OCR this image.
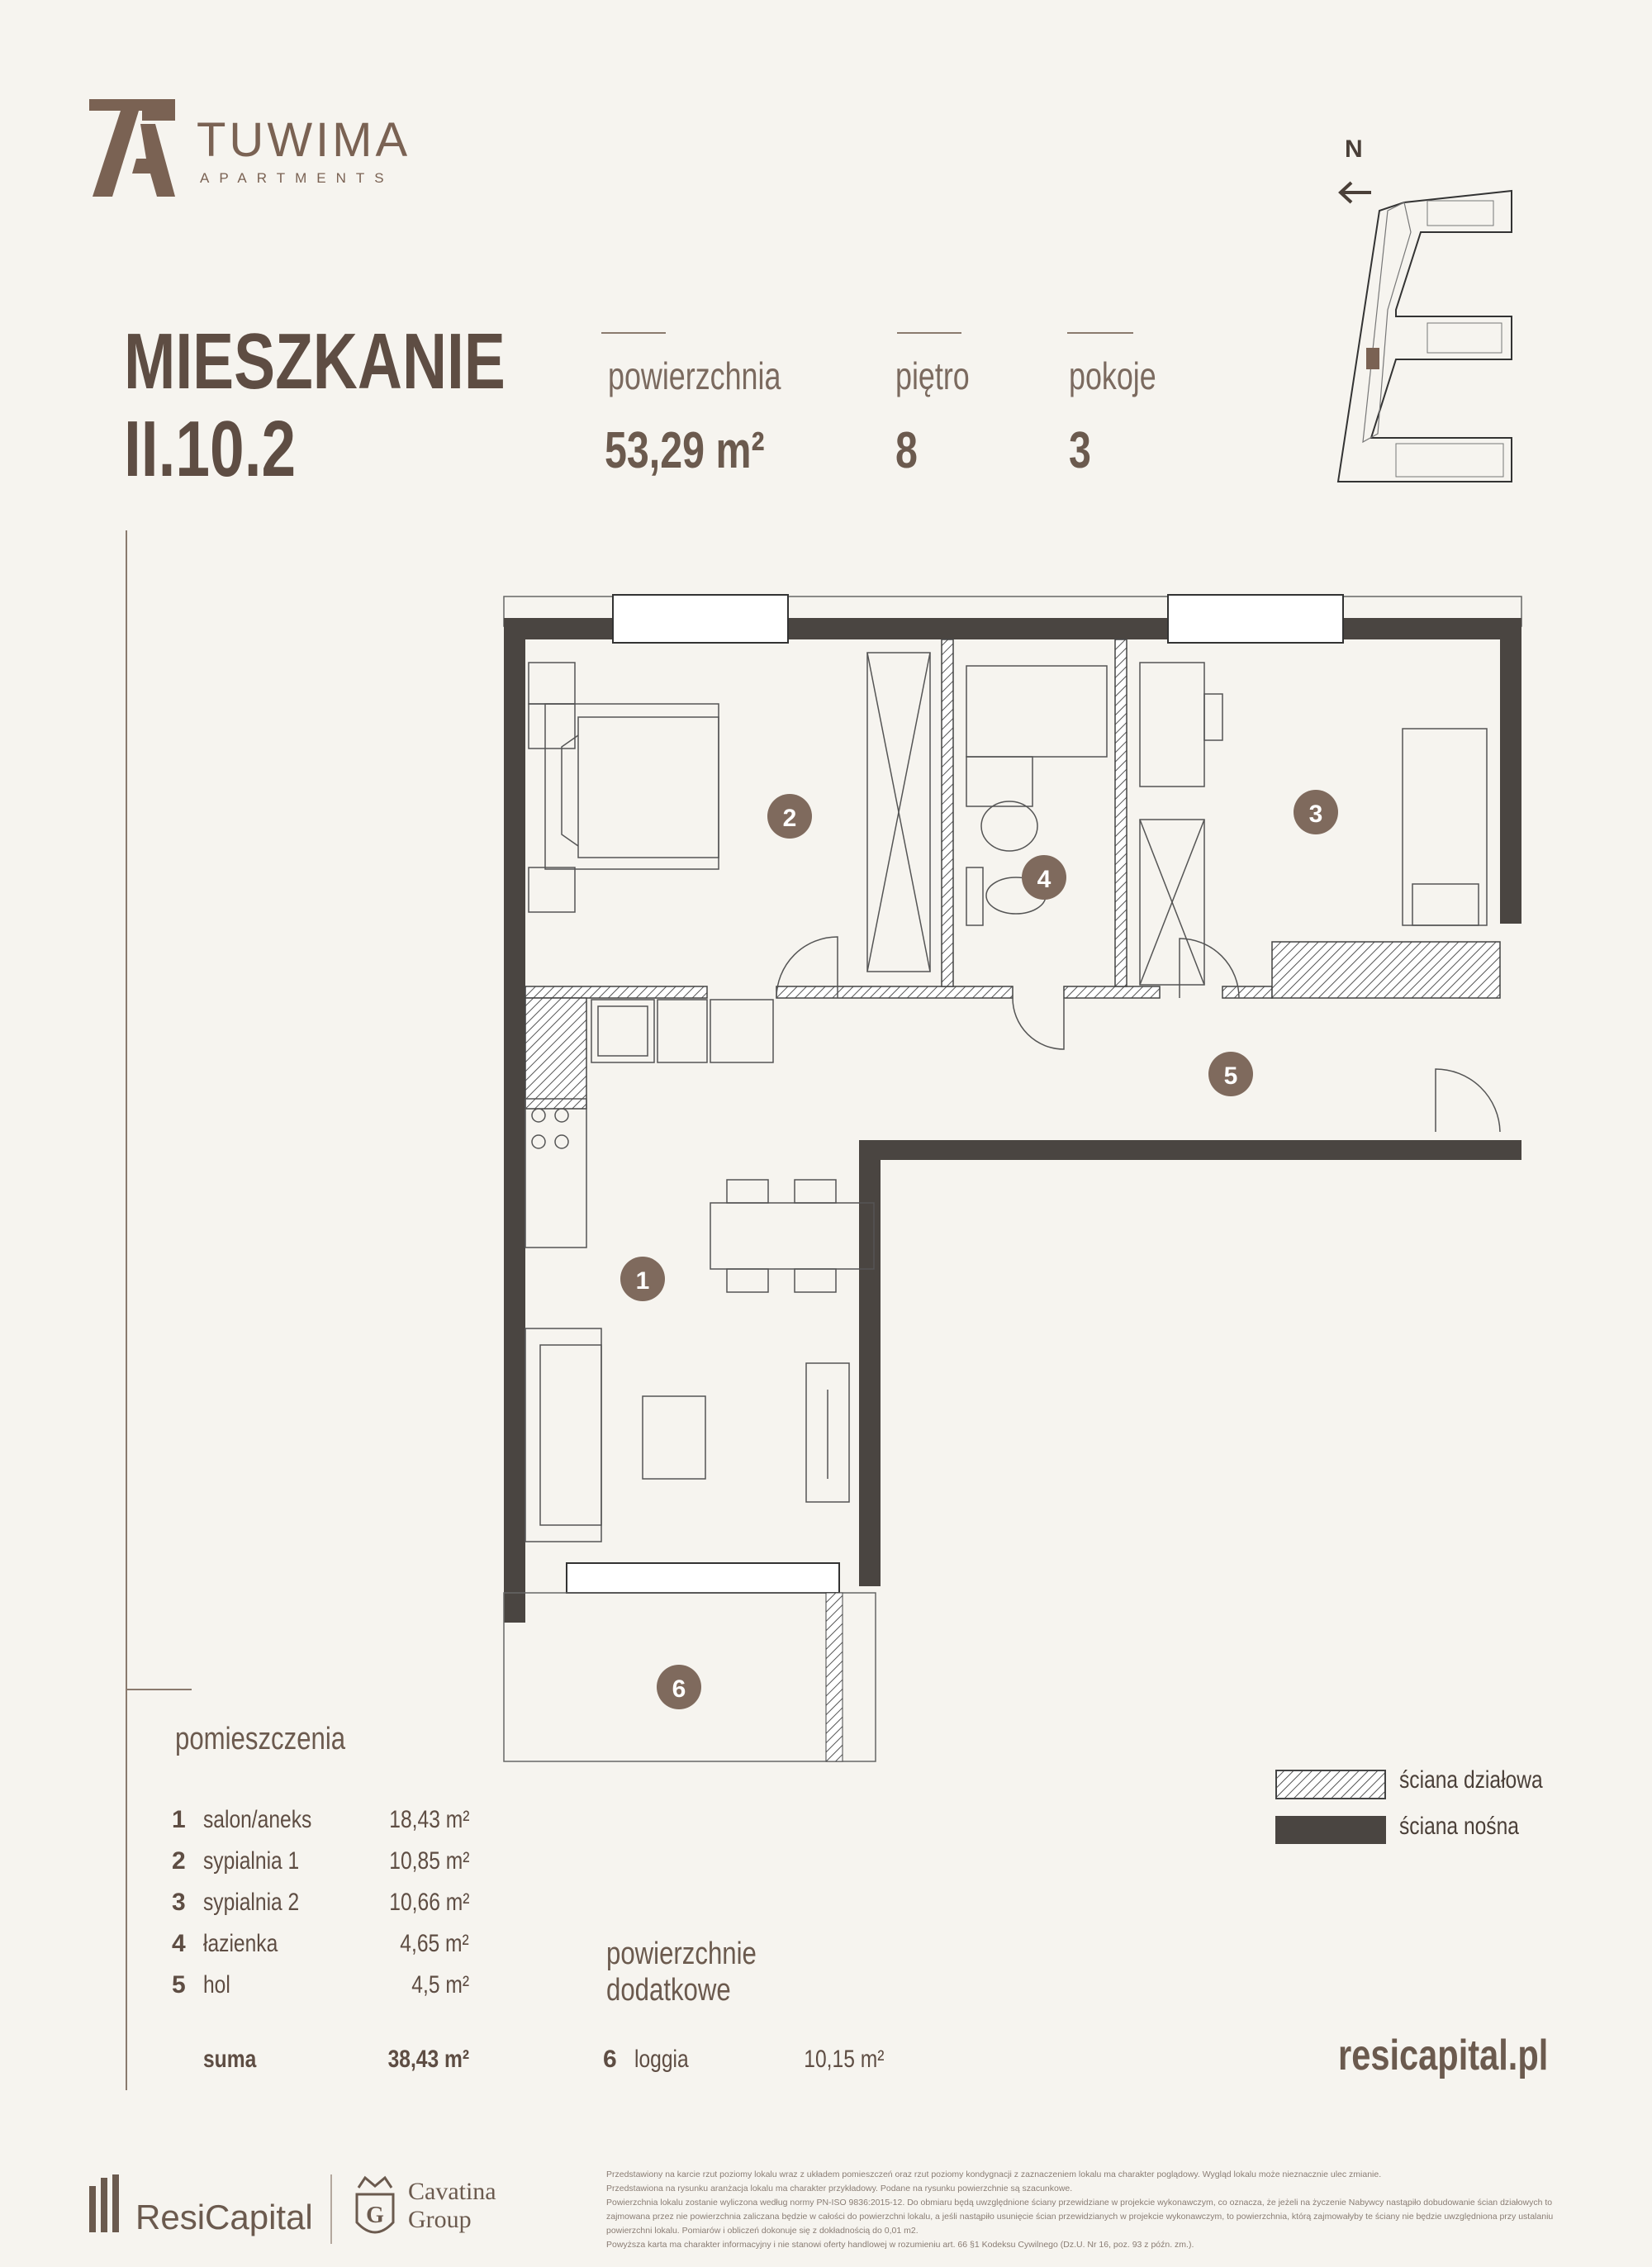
TUWIMA
APARTMENTS
MIESZKANIE
II.10.2
powierzchnia
53,29 m²
piętro
8
pokoje
3
N
2	3
4
5
1
6
ściana działowa
ściana nośna
pomieszczenia
1 salon/aneks	18,43 m²
2 sypialnia 1	10,85 m²
3 sypialnia 2	10,66 m²
4 łazienka	4,65 m²
5 hol	4,5 m²
suma	38,43 m²
powierzchnie
dodatkowe
6 loggia	10,15 m²	resicapital.pl
ResiCapital G
Cavatina
Group
Przedstawiony na karcie rzut poziomy lokalu wraz z układem pomieszczeń oraz rzut poziomy kondygnacji z zaznaczeniem lokalu ma charakter poglądowy. Wygląd lokalu może nieznacznie ulec zmianie.
Przedstawiona na rysunku aranżacja lokalu ma charakter przykładowy. Podane na rysunku powierzchnie są szacunkowe.
Powierzchnia lokalu zostanie wyliczona według normy PN-ISO 9836:2015-12. Do obmiaru będą uwzględnione ściany przewidziane w projekcie wykonawczym, co oznacza, że jeżeli na życzenie Nabywcy nastąpiło dobudowanie ścian działowych to zajmowana przez nie powierzchnia zaliczana będzie w całości do powierzchni lokalu, a jeśli nastąpiło usunięcie ścian przewidzianych w projekcie wykonawczym, to powierzchnia, którą zajmowałyby te ściany nie będzie uwzględniona przy ustalaniu powierzchni lokalu. Pomiarów i obliczeń dokonuje się z dokładnością do 0,01 m2.
Powyższa karta ma charakter informacyjny i nie stanowi oferty handlowej w rozumieniu art. 66 §1 Kodeksu Cywilnego (Dz.U. Nr 16, poz. 93 z późn. zm.).
